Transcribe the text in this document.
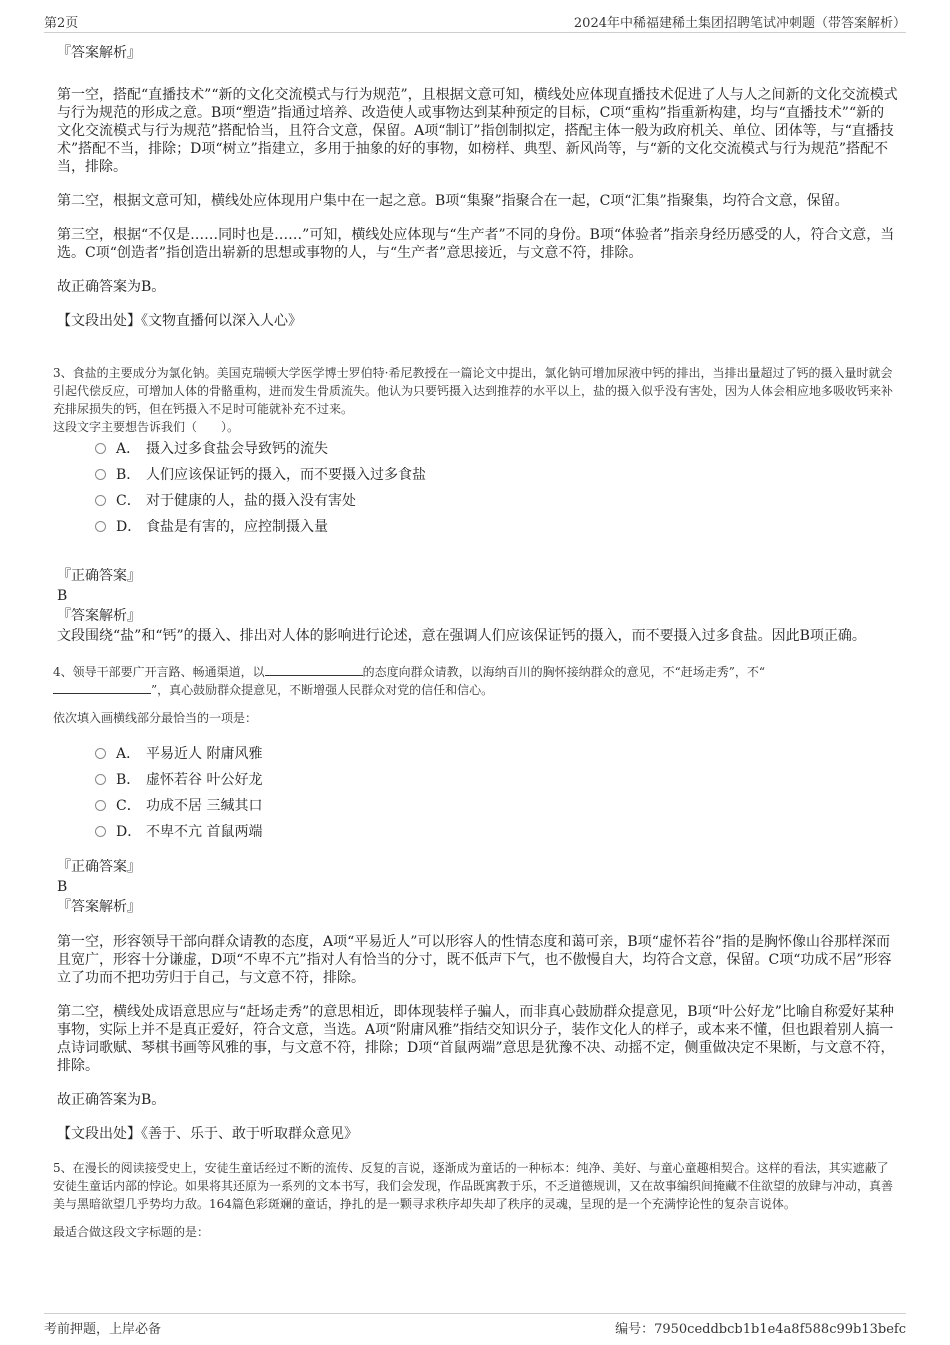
第2页	2024年中稀福建稀土集团招聘笔试冲刺题（带答案解析）
『答案解析』

第一空，搭配“直播技术”“新的文化交流模式与行为规范”，且根据文意可知，横线处应体现直播技术促进了人与人之间新的文化交流模式与行为规范的形成之意。B项“塑造”指通过培养、改造使人或事物达到某种预定的目标，C项“重构”指重新构建，均与“直播技术”“新的文化交流模式与行为规范”搭配恰当，且符合文意，保留。A项“制订”指创制拟定，搭配主体一般为政府机关、单位、团体等，与“直播技术”搭配不当，排除；D项“树立”指建立，多用于抽象的好的事物，如榜样、典型、新风尚等，与“新的文化交流模式与行为规范”搭配不当，排除。

第二空，根据文意可知，横线处应体现用户集中在一起之意。B项“集聚”指聚合在一起，C项“汇集”指聚集，均符合文意，保留。

第三空，根据“不仅是……同时也是……”可知，横线处应体现与“生产者”不同的身份。B项“体验者”指亲身经历感受的人，符合文意，当选。C项“创造者”指创造出崭新的思想或事物的人，与“生产者”意思接近，与文意不符，排除。

故正确答案为B。

【文段出处】《文物直播何以深入人心》

3、食盐的主要成分为氯化钠。美国克瑞顿大学医学博士罗伯特·希尼教授在一篇论文中提出，氯化钠可增加尿液中钙的排出，当排出量超过了钙的摄入量时就会引起代偿反应，可增加人体的骨骼重构，进而发生骨质流失。他认为只要钙摄入达到推荐的水平以上，盐的摄入似乎没有害处，因为人体会相应地多吸收钙来补充排尿损失的钙，但在钙摄入不足时可能就补充不过来。
这段文字主要想告诉我们（　　）。
A． 摄入过多食盐会导致钙的流失
B． 人们应该保证钙的摄入，而不要摄入过多食盐
C． 对于健康的人，盐的摄入没有害处
D． 食盐是有害的，应控制摄入量
『正确答案』
B
『答案解析』
文段围绕“盐”和“钙”的摄入、排出对人体的影响进行论述，意在强调人们应该保证钙的摄入，而不要摄入过多食盐。因此B项正确。
4、领导干部要广开言路、畅通渠道，以	的态度向群众请教，以海纳百川的胸怀接纳群众的意见，不“赶场走秀”，不“
”，真心鼓励群众提意见，不断增强人民群众对党的信任和信心。
依次填入画横线部分最恰当的一项是：
A． 平易近人 附庸风雅
B． 虚怀若谷 叶公好龙
C． 功成不居 三缄其口
D． 不卑不亢 首鼠两端
『正确答案』
B
『答案解析』

第一空，形容领导干部向群众请教的态度，A项“平易近人”可以形容人的性情态度和蔼可亲，B项“虚怀若谷”指的是胸怀像山谷那样深而且宽广，形容十分谦虚，D项“不卑不亢”指对人有恰当的分寸，既不低声下气，也不傲慢自大，均符合文意，保留。C项“功成不居”形容立了功而不把功劳归于自己，与文意不符，排除。

第二空，横线处成语意思应与“赶场走秀”的意思相近，即体现装样子骗人，而非真心鼓励群众提意见，B项“叶公好龙”比喻自称爱好某种事物，实际上并不是真正爱好，符合文意，当选。A项“附庸风雅”指结交知识分子，装作文化人的样子，或本来不懂，但也跟着别人搞一点诗词歌赋、琴棋书画等风雅的事，与文意不符，排除；D项“首鼠两端”意思是犹豫不决、动摇不定，侧重做决定不果断，与文意不符，排除。

故正确答案为B。

【文段出处】《善于、乐于、敢于听取群众意见》

5、在漫长的阅读接受史上，安徒生童话经过不断的流传、反复的言说，逐渐成为童话的一种标本：纯净、美好、与童心童趣相契合。这样的看法，其实遮蔽了安徒生童话内部的悖论。如果将其还原为一系列的文本书写，我们会发现，作品既寓教于乐，不乏道德规训，又在故事编织间掩藏不住欲望的放肆与冲动，真善美与黑暗欲望几乎势均力敌。164篇色彩斑斓的童话，挣扎的是一颗寻求秩序却失却了秩序的灵魂，呈现的是一个充满悖论性的复杂言说体。
最适合做这段文字标题的是：
考前押题，上岸必备	编号：7950ceddbcb1b1e4a8f588c99b13befc
